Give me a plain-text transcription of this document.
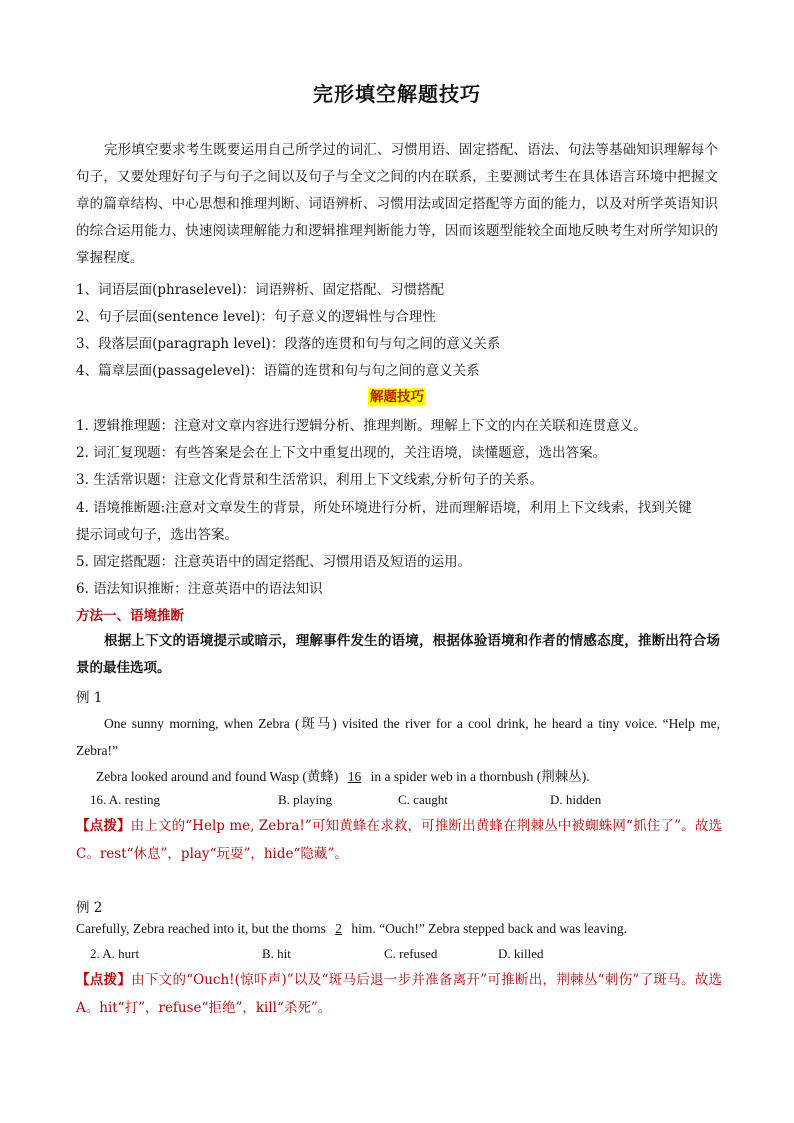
完形填空解题技巧
完形填空要求考生既要运用自己所学过的词汇、习惯用语、固定搭配、语法、句法等基础知识理解每个句子，又要处理好句子与句子之间以及句子与全文之间的内在联系，主要测试考生在具体语言环境中把握文章的篇章结构、中心思想和推理判断、词语辨析、习惯用法或固定搭配等方面的能力，以及对所学英语知识的综合运用能力、快速阅读理解能力和逻辑推理判断能力等，因而该题型能较全面地反映考生对所学知识的掌握程度。
1、词语层面(phraselevel)：词语辨析、固定搭配、习惯搭配
2、句子层面(sentence level)：句子意义的逻辑性与合理性
3、段落层面(paragraph level)：段落的连贯和句与句之间的意义关系
4、篇章层面(passagelevel)：语篇的连贯和句与句之间的意义关系
解题技巧
1. 逻辑推理题：注意对文章内容进行逻辑分析、推理判断。理解上下文的内在关联和连贯意义。
2. 词汇复现题：有些答案是会在上下文中重复出现的，关注语境，读懂题意，选出答案。
3. 生活常识题：注意文化背景和生活常识，利用上下文线索,分析句子的关系。
4. 语境推断题:注意对文章发生的背景，所处环境进行分析，进而理解语境，利用上下文线索，找到关键
提示词或句子，选出答案。
5. 固定搭配题：注意英语中的固定搭配、习惯用语及短语的运用。
6. 语法知识推断：注意英语中的语法知识
方法一、语境推断
根据上下文的语境提示或暗示，理解事件发生的语境，根据体验语境和作者的情感态度，推断出符合场景的最佳选项。
例 1
One sunny morning, when Zebra (斑马) visited the river for a cool drink, he heard a tiny voice. “Help me, Zebra!”
Zebra looked around and found Wasp (黄蜂) 16 in a spider web in a thornbush (荆棘丛).
16. A. resting	B. playing	C. caught	D. hidden
【点拨】由上文的“Help me, Zebra!”可知黄蜂在求救，可推断出黄蜂在荆棘丛中被蜘蛛网“抓住了”。故选C。rest“休息”，play“玩耍”，hide“隐藏”。
例 2
Carefully, Zebra reached into it, but the thorns 2 him. “Ouch!” Zebra stepped back and was leaving.
2. A. hurt	B. hit	C. refused	D. killed
【点拨】由下文的“Ouch!(惊吓声)”以及“斑马后退一步并准备离开”可推断出，荆棘丛“刺伤”了斑马。故选A。hit“打”，refuse“拒绝”，kill“杀死”。
